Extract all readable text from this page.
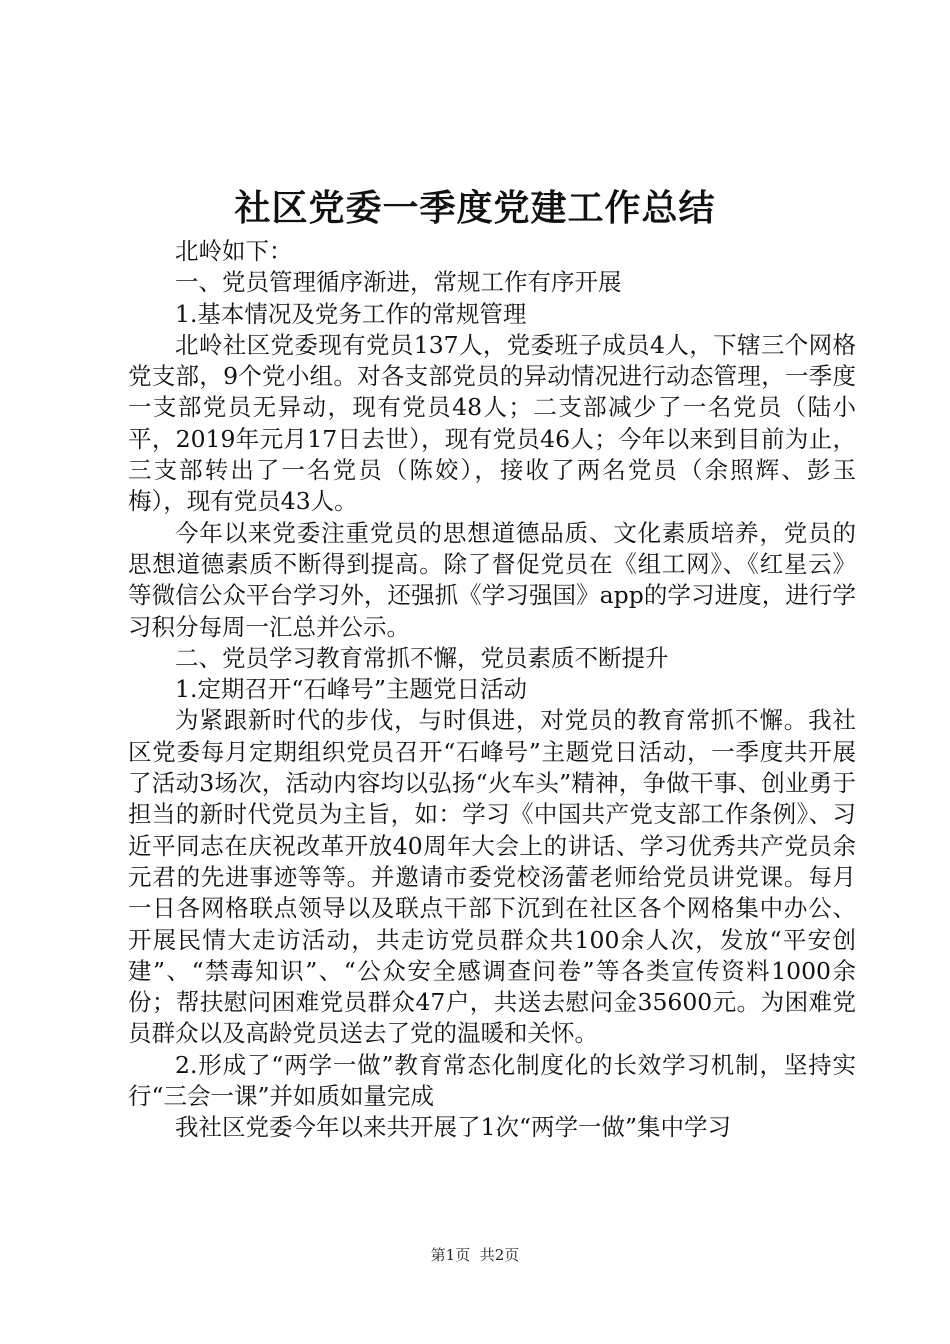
社区党委一季度党建工作总结

北岭如下：

一、党员管理循序渐进，常规工作有序开展

1.基本情况及党务工作的常规管理

北岭社区党委现有党员137人，党委班子成员4人，下辖三个网格党支部，9个党小组。对各支部党员的异动情况进行动态管理，一季度一支部党员无异动，现有党员48人；二支部减少了一名党员（陆小平，2019年元月17日去世），现有党员46人；今年以来到目前为止，三支部转出了一名党员（陈姣），接收了两名党员（余照辉、彭玉梅），现有党员43人。

今年以来党委注重党员的思想道德品质、文化素质培养，党员的思想道德素质不断得到提高。除了督促党员在《组工网》、《红星云》等微信公众平台学习外，还强抓《学习强国》app的学习进度，进行学习积分每周一汇总并公示。

二、党员学习教育常抓不懈，党员素质不断提升

1.定期召开“石峰号”主题党日活动

为紧跟新时代的步伐，与时俱进，对党员的教育常抓不懈。我社区党委每月定期组织党员召开“石峰号”主题党日活动，一季度共开展了活动3场次，活动内容均以弘扬“火车头”精神，争做干事、创业勇于担当的新时代党员为主旨，如：学习《中国共产党支部工作条例》、习近平同志在庆祝改革开放40周年大会上的讲话、学习优秀共产党员余元君的先进事迹等等。并邀请市委党校汤蕾老师给党员讲党课。每月一日各网格联点领导以及联点干部下沉到在社区各个网格集中办公、开展民情大走访活动，共走访党员群众共100余人次，发放“平安创建”、“禁毒知识”、“公众安全感调查问卷”等各类宣传资料1000余份；帮扶慰问困难党员群众47户，共送去慰问金35600元。为困难党员群众以及高龄党员送去了党的温暖和关怀。

2.形成了“两学一做”教育常态化制度化的长效学习机制，坚持实行“三会一课”并如质如量完成

我社区党委今年以来共开展了1次“两学一做”集中学习

第1页 共2页
